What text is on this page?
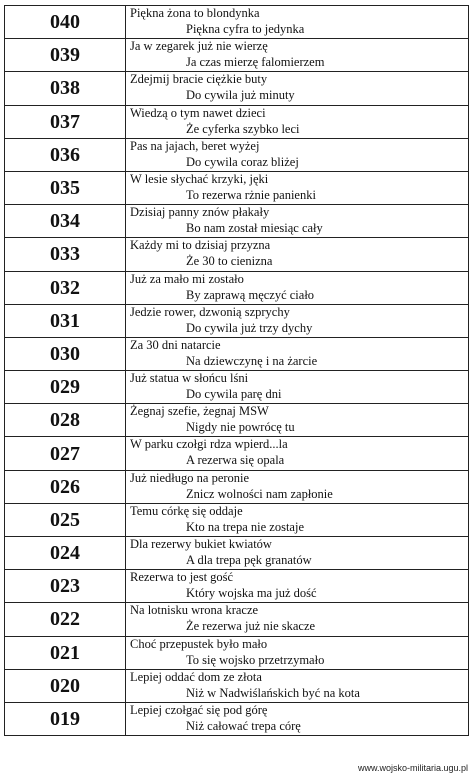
040	Piękna żona to blondynka
Piękna cyfra to jedynka

039	Ja w zegarek już nie wierzę
Ja czas mierzę falomierzem

038	Zdejmij bracie ciężkie buty
Do cywila już minuty

037	Wiedzą o tym nawet dzieci
Że cyferka szybko leci

036	Pas na jajach, beret wyżej
Do cywila coraz bliżej

035	W lesie słychać krzyki, jęki
To rezerwa rżnie panienki

034	Dzisiaj panny znów płakały
Bo nam został miesiąc cały

033	Każdy mi to dzisiaj przyzna
Że 30 to cienizna

032	Już za mało mi zostało
By zaprawą męczyć ciało

031	Jedzie rower, dzwonią szprychy
Do cywila już trzy dychy

030	Za 30 dni natarcie
Na dziewczynę i na żarcie

029	Już statua w słońcu lśni
Do cywila parę dni

028	Żegnaj szefie, żegnaj MSW
Nigdy nie powrócę tu

027	W parku czołgi rdza wpierd...la
A rezerwa się opala

026	Już niedługo na peronie
Znicz wolności nam zapłonie

025	Temu córkę się oddaje
Kto na trepa nie zostaje

024	Dla rezerwy bukiet kwiatów
A dla trepa pęk granatów

023	Rezerwa to jest gość
Który wojska ma już dość

022	Na lotnisku wrona kracze
Że rezerwa już nie skacze

021	Choć przepustek było mało
To się wojsko przetrzymało

020	Lepiej oddać dom ze złota
Niż w Nadwiślańskich być na kota

019	Lepiej czołgać się pod górę
Niż całować trepa córę
www.wojsko-militaria.ugu.pl
